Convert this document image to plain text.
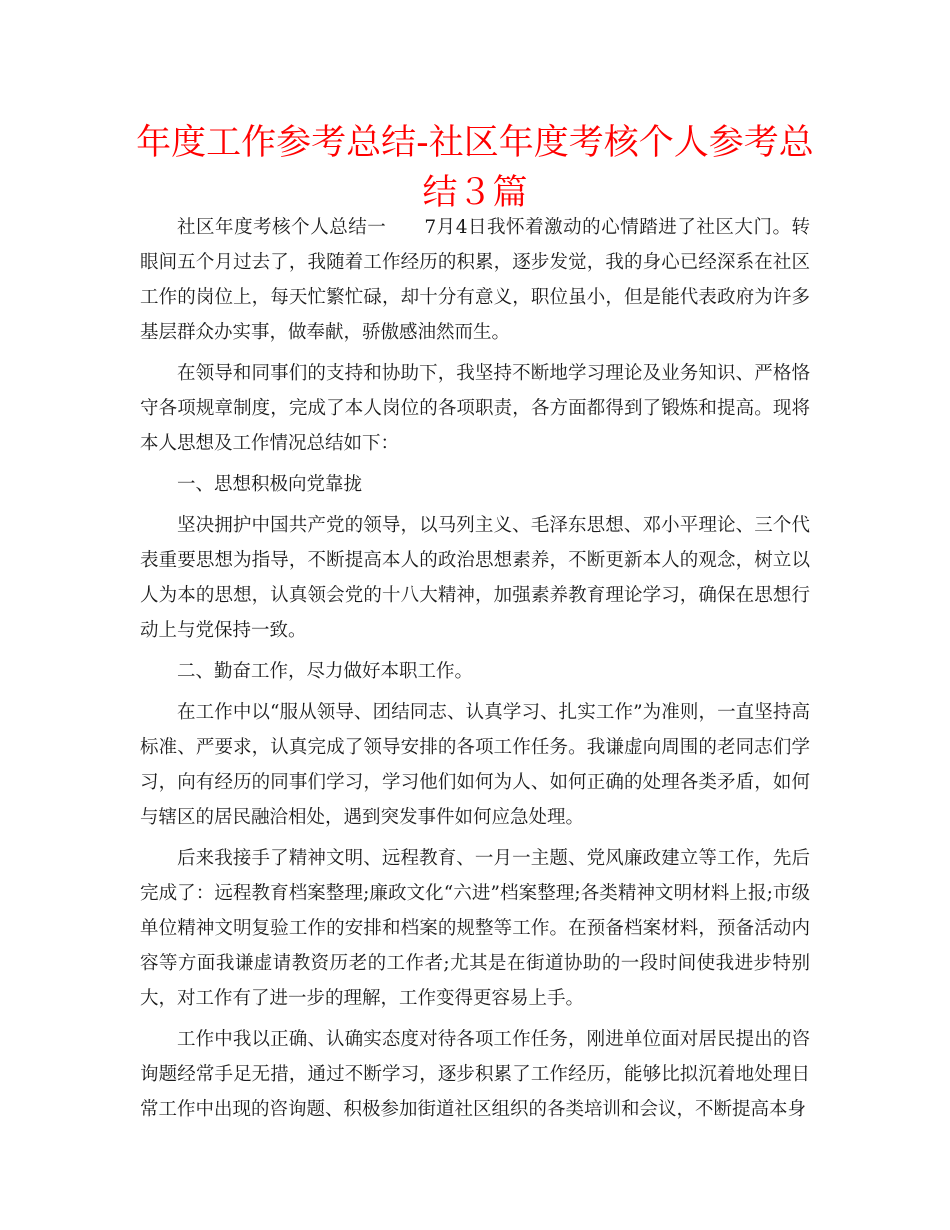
年度工作参考总结-社区年度考核个人参考总结３篇

社区年度考核个人总结一　　7月4日我怀着激动的心情踏进了社区大门。转眼间五个月过去了，我随着工作经历的积累，逐步发觉，我的身心已经深系在社区工作的岗位上，每天忙繁忙碌，却十分有意义，职位虽小，但是能代表政府为许多基层群众办实事，做奉献，骄傲感油然而生。

在领导和同事们的支持和协助下，我坚持不断地学习理论及业务知识、严格恪守各项规章制度，完成了本人岗位的各项职责，各方面都得到了锻炼和提高。现将本人思想及工作情况总结如下：

一、思想积极向党靠拢

坚决拥护中国共产党的领导，以马列主义、毛泽东思想、邓小平理论、三个代表重要思想为指导，不断提高本人的政治思想素养，不断更新本人的观念，树立以人为本的思想，认真领会党的十八大精神，加强素养教育理论学习，确保在思想行动上与党保持一致。

二、勤奋工作，尽力做好本职工作。

在工作中以“服从领导、团结同志、认真学习、扎实工作”为准则，一直坚持高标准、严要求，认真完成了领导安排的各项工作任务。我谦虚向周围的老同志们学习，向有经历的同事们学习，学习他们如何为人、如何正确的处理各类矛盾，如何与辖区的居民融洽相处，遇到突发事件如何应急处理。

后来我接手了精神文明、远程教育、一月一主题、党风廉政建立等工作，先后完成了：远程教育档案整理;廉政文化“六进”档案整理;各类精神文明材料上报;市级单位精神文明复验工作的安排和档案的规整等工作。在预备档案材料，预备活动内容等方面我谦虚请教资历老的工作者;尤其是在街道协助的一段时间使我进步特别大，对工作有了进一步的理解，工作变得更容易上手。

工作中我以正确、认确实态度对待各项工作任务，刚进单位面对居民提出的咨询题经常手足无措，通过不断学习，逐步积累了工作经历，能够比拟沉着地处理日常工作中出现的咨询题、积极参加街道社区组织的各类培训和会议，不断提高本身
